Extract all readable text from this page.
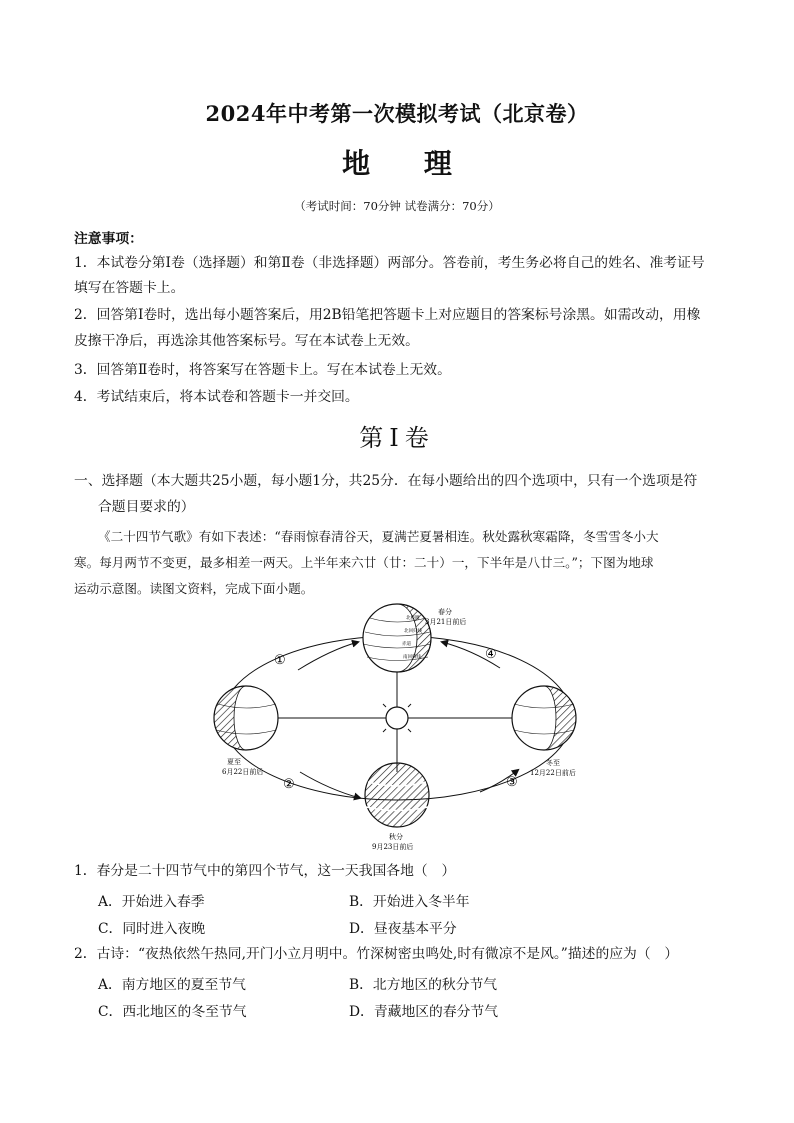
2024年中考第一次模拟考试（北京卷）
地 理
（考试时间：70分钟 试卷满分：70分）
注意事项：
1．本试卷分第Ⅰ卷（选择题）和第Ⅱ卷（非选择题）两部分。答卷前，考生务必将自己的姓名、准考证号
填写在答题卡上。
2．回答第Ⅰ卷时，选出每小题答案后，用2B铅笔把答题卡上对应题目的答案标号涂黑。如需改动，用橡
皮擦干净后，再选涂其他答案标号。写在本试卷上无效。
3．回答第Ⅱ卷时，将答案写在答题卡上。写在本试卷上无效。
4．考试结束后，将本试卷和答题卡一并交回。
第Ⅰ卷
一、选择题（本大题共25小题，每小题1分，共25分．在每小题给出的四个选项中，只有一个选项是符
合题目要求的）
《二十四节气歌》有如下表述：“春雨惊春清谷天，夏满芒夏暑相连。秋处露秋寒霜降，冬雪雪冬小大
寒。每月两节不变更，最多相差一两天。上半年来六廿（廿：二十）一，下半年是八廿三。”；下图为地球
运动示意图。读图文资料，完成下面小题。
北极圈
北回归线
赤道
南回归线
春分
3月21日前后
夏至
6月22日前后
冬至
12月22日前后
秋分
9月23日前后
①
②	③
④
1．春分是二十四节气中的第四个节气，这一天我国各地（　）
A．开始进入春季	B．开始进入冬半年
C．同时进入夜晚	D．昼夜基本平分
2．古诗：“夜热依然午热同,开门小立月明中。竹深树密虫鸣处,时有微凉不是风。”描述的应为（　）
A．南方地区的夏至节气	B．北方地区的秋分节气
C．西北地区的冬至节气	D．青藏地区的春分节气
